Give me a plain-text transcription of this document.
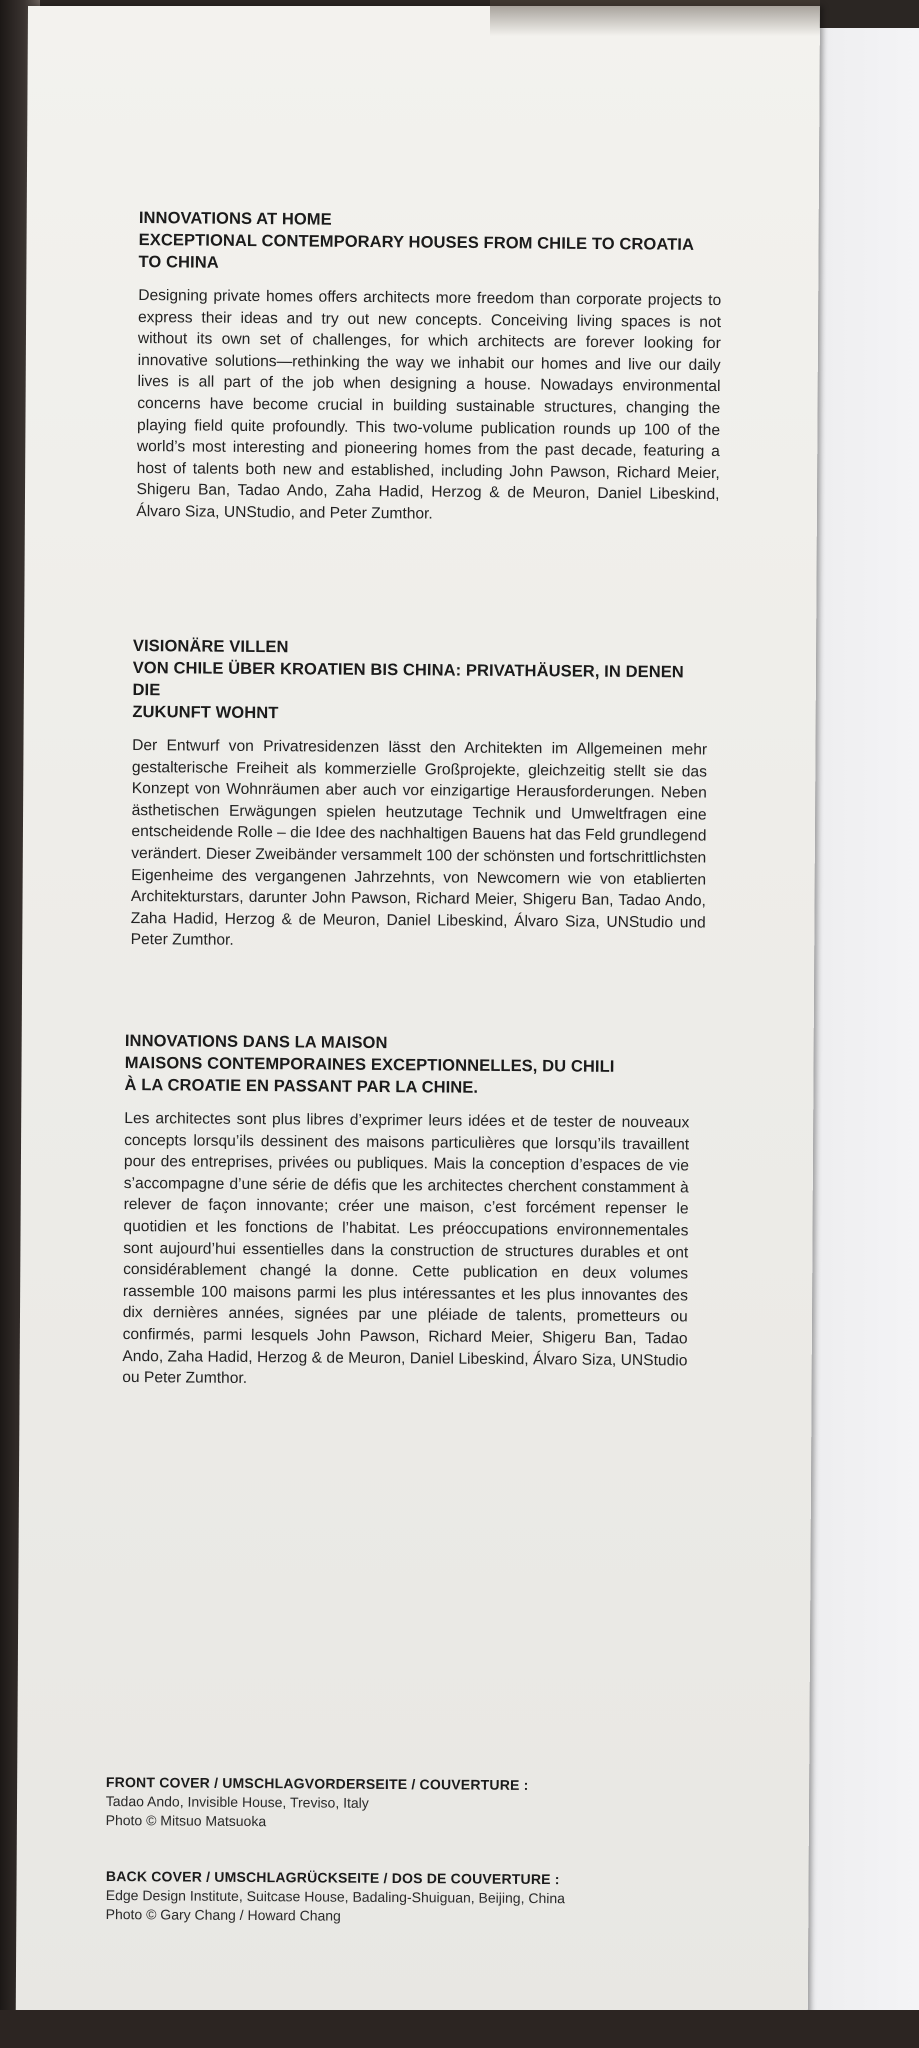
INNOVATIONS AT HOME
EXCEPTIONAL CONTEMPORARY HOUSES FROM CHILE TO CROATIA
TO CHINA
Designing private homes offers architects more freedom than corporate projects to express their ideas and try out new concepts. Conceiving living spaces is not without its own set of challenges, for which architects are forever looking for innovative solutions—rethinking the way we inhabit our homes and live our daily lives is all part of the job when designing a house. Nowadays environmental concerns have become crucial in building sustainable structures, changing the playing field quite profoundly. This two-volume publication rounds up 100 of the world’s most interesting and pioneering homes from the past decade, featuring a host of talents both new and established, including John Pawson, Richard Meier, Shigeru Ban, Tadao Ando, Zaha Hadid, Herzog & de Meuron, Daniel Libeskind, Álvaro Siza, UNStudio, and Peter Zumthor.
VISIONÄRE VILLEN
VON CHILE ÜBER KROATIEN BIS CHINA: PRIVATHÄUSER, IN DENEN DIE
ZUKUNFT WOHNT
Der Entwurf von Privatresidenzen lässt den Architekten im Allgemeinen mehr gestalterische Freiheit als kommerzielle Großprojekte, gleichzeitig stellt sie das Konzept von Wohnräumen aber auch vor einzigartige Herausforderungen. Neben ästhetischen Erwägungen spielen heutzutage Technik und Umweltfragen eine entscheidende Rolle – die Idee des nachhaltigen Bauens hat das Feld grundlegend verändert. Dieser Zweibänder versammelt 100 der schönsten und fortschrittlichsten Eigenheime des vergangenen Jahrzehnts, von Newcomern wie von etablierten Architekturstars, darunter John Pawson, Richard Meier, Shigeru Ban, Tadao Ando, Zaha Hadid, Herzog & de Meuron, Daniel Libeskind, Álvaro Siza, UNStudio und Peter Zumthor.
INNOVATIONS DANS LA MAISON
MAISONS CONTEMPORAINES EXCEPTIONNELLES, DU CHILI
À LA CROATIE EN PASSANT PAR LA CHINE.
Les architectes sont plus libres d’exprimer leurs idées et de tester de nouveaux concepts lorsqu’ils dessinent des maisons particulières que lorsqu’ils travaillent pour des entreprises, privées ou publiques. Mais la conception d’espaces de vie s’accompagne d’une série de défis que les architectes cherchent constamment à relever de façon innovante; créer une maison, c’est forcément repenser le quotidien et les fonctions de l’habitat. Les préoccupations environnementales sont aujourd’hui essentielles dans la construction de structures durables et ont considérablement changé la donne. Cette publication en deux volumes rassemble 100 maisons parmi les plus intéressantes et les plus innovantes des dix dernières années, signées par une pléiade de talents, prometteurs ou confirmés, parmi lesquels John Pawson, Richard Meier, Shigeru Ban, Tadao Ando, Zaha Hadid, Herzog & de Meuron, Daniel Libeskind, Álvaro Siza, UNStudio ou Peter Zumthor.
FRONT COVER / UMSCHLAGVORDERSEITE / COUVERTURE :
Tadao Ando, Invisible House, Treviso, Italy
Photo © Mitsuo Matsuoka
BACK COVER / UMSCHLAGRÜCKSEITE / DOS DE COUVERTURE :
Edge Design Institute, Suitcase House, Badaling-Shuiguan, Beijing, China
Photo © Gary Chang / Howard Chang
